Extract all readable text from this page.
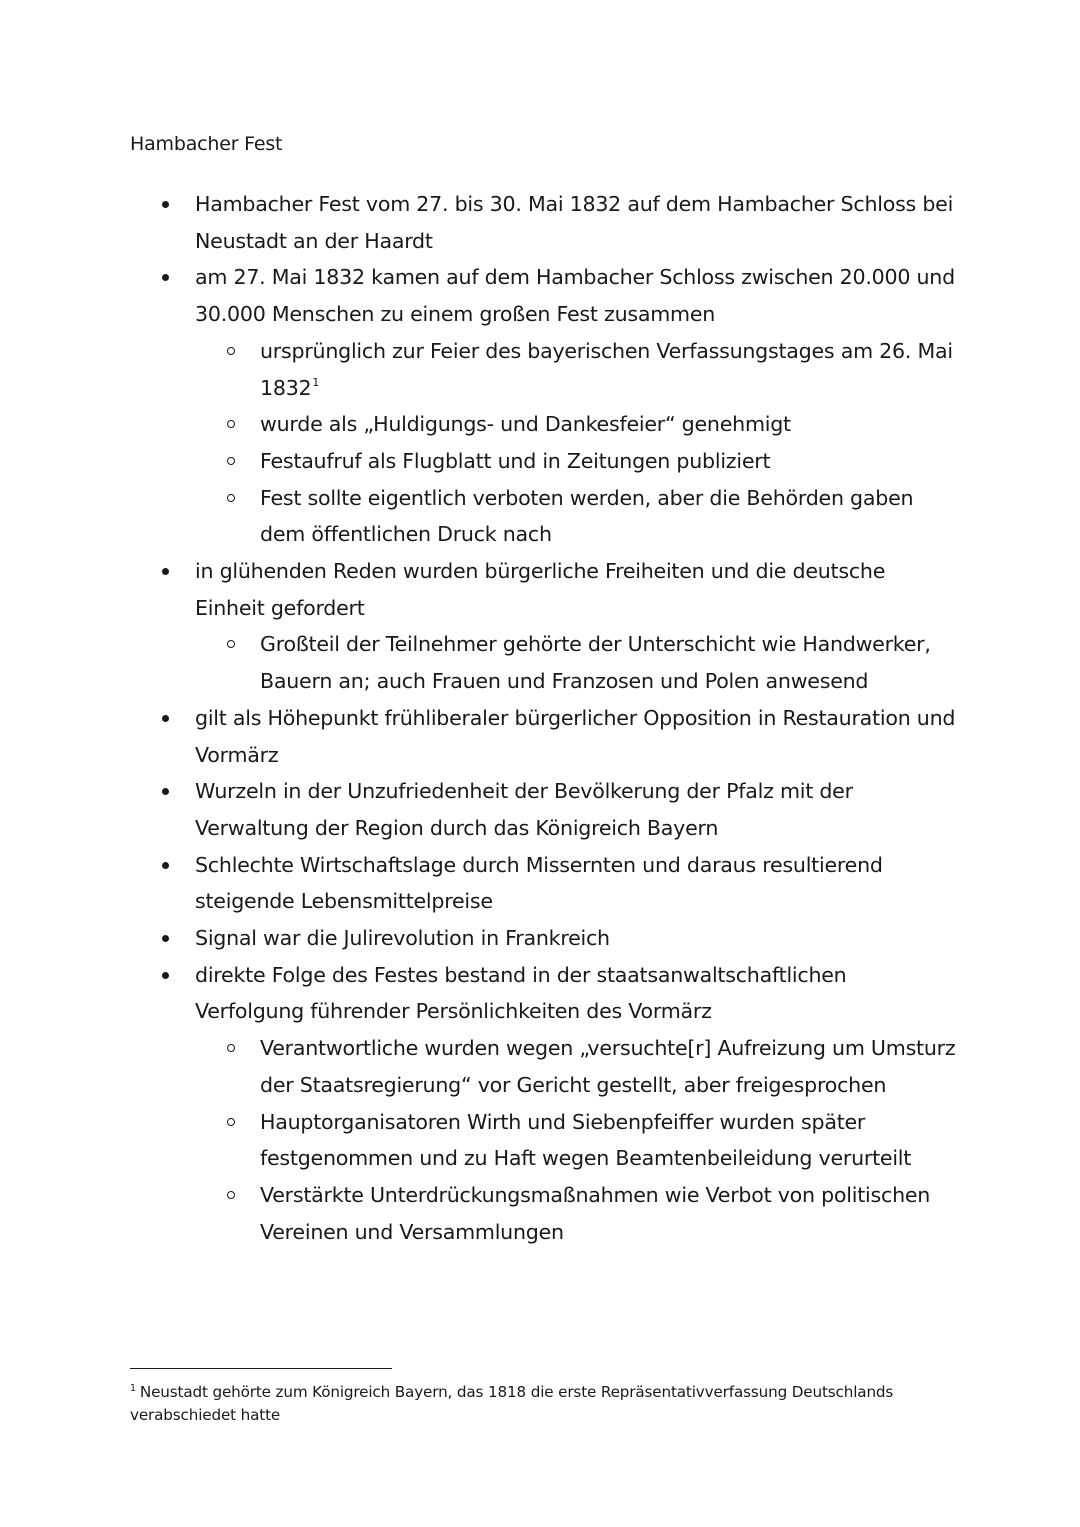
Hambacher Fest
Hambacher Fest vom 27. bis 30. Mai 1832 auf dem Hambacher Schloss bei Neustadt an der Haardt
am 27. Mai 1832 kamen auf dem Hambacher Schloss zwischen 20.000 und 30.000 Menschen zu einem großen Fest zusammen
ursprünglich zur Feier des bayerischen Verfassungstages am 26. Mai 1832$^1$
wurde als „Huldigungs- und Dankesfeier“ genehmigt
Festaufruf als Flugblatt und in Zeitungen publiziert
Fest sollte eigentlich verboten werden, aber die Behörden gaben dem öffentlichen Druck nach
in glühenden Reden wurden bürgerliche Freiheiten und die deutsche Einheit gefordert
Großteil der Teilnehmer gehörte der Unterschicht wie Handwerker, Bauern an; auch Frauen und Franzosen und Polen anwesend
gilt als Höhepunkt frühliberaler bürgerlicher Opposition in Restauration und Vormärz
Wurzeln in der Unzufriedenheit der Bevölkerung der Pfalz mit der Verwaltung der Region durch das Königreich Bayern
Schlechte Wirtschaftslage durch Missernten und daraus resultierend steigende Lebensmittelpreise
Signal war die Julirevolution in Frankreich
direkte Folge des Festes bestand in der staatsanwaltschaftlichen Verfolgung führender Persönlichkeiten des Vormärz
Verantwortliche wurden wegen „versuchte[r] Aufreizung um Umsturz der Staatsregierung“ vor Gericht gestellt, aber freigesprochen
Hauptorganisatoren Wirth und Siebenpfeiffer wurden später festgenommen und zu Haft wegen Beamtenbeileidung verurteilt
Verstärkte Unterdrückungsmaßnahmen wie Verbot von politischen Vereinen und Versammlungen
$^1$ Neustadt gehörte zum Königreich Bayern, das 1818 die erste Repräsentativverfassung Deutschlands verabschiedet hatte
